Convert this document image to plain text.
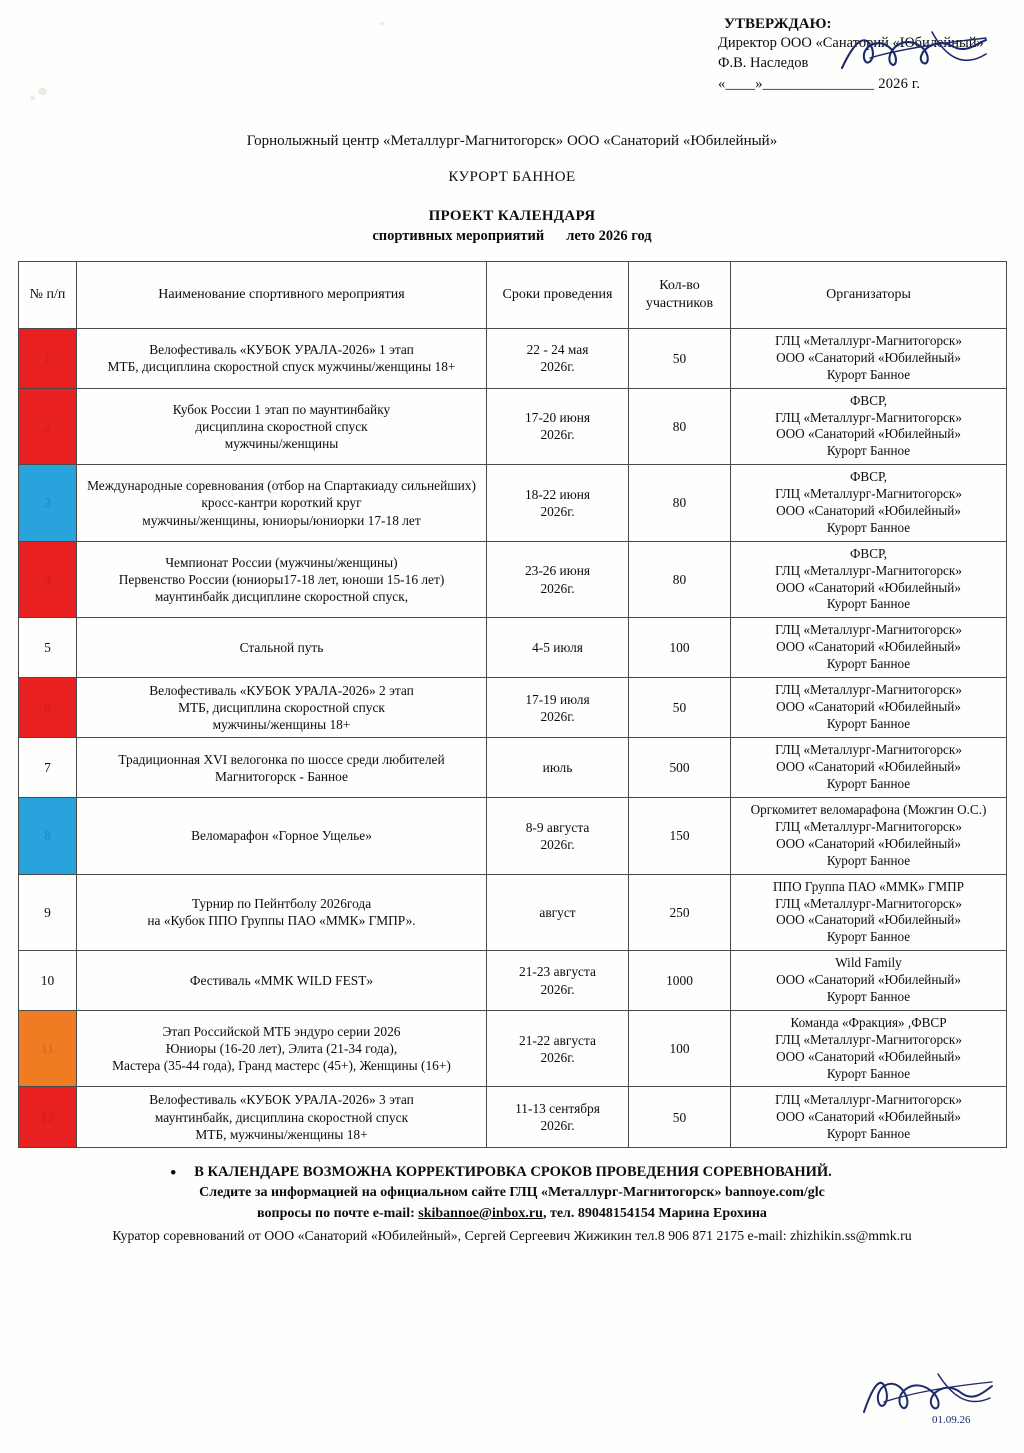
УТВЕРЖДАЮ:
Директор ООО «Санаторий «Юбилейный»
Ф.В. Наследов
«____»_______________ 2026 г.
Горнолыжный центр «Металлург-Магнитогорск» ООО «Санаторий «Юбилейный»
КУРОРТ БАННОЕ
ПРОЕКТ КАЛЕНДАРЯ
спортивных мероприятий лето 2026 год
№ п/п	Наименование спортивного мероприятия	Сроки проведения	Кол-во участников	Организаторы
1	Велофестиваль «КУБОК УРАЛА-2026» 1 этап
МТБ, дисциплина скоростной спуск мужчины/женщины 18+	22 - 24 мая
2026г.	50	ГЛЦ «Металлург-Магнитогорск»
ООО «Санаторий «Юбилейный»
Курорт Банное
2	Кубок России 1 этап по маунтинбайку
дисциплина скоростной спуск
мужчины/женщины	17-20 июня
2026г.	80	ФВСР,
ГЛЦ «Металлург-Магнитогорск»
ООО «Санаторий «Юбилейный»
Курорт Банное
3	Международные соревнования (отбор на Спартакиаду сильнейших) кросс-кантри короткий круг
мужчины/женщины, юниоры/юниорки 17-18 лет	18-22 июня
2026г.	80	ФВСР,
ГЛЦ «Металлург-Магнитогорск»
ООО «Санаторий «Юбилейный»
Курорт Банное
4	Чемпионат России (мужчины/женщины)
Первенство России (юниоры17-18 лет, юноши 15-16 лет)
маунтинбайк дисциплине скоростной спуск,	23-26 июня
2026г.	80	ФВСР,
ГЛЦ «Металлург-Магнитогорск»
ООО «Санаторий «Юбилейный»
Курорт Банное
5	Стальной путь	4-5 июля	100	ГЛЦ «Металлург-Магнитогорск»
ООО «Санаторий «Юбилейный»
Курорт Банное
6	Велофестиваль «КУБОК УРАЛА-2026» 2 этап
МТБ, дисциплина скоростной спуск
мужчины/женщины 18+	17-19 июля
2026г.	50	ГЛЦ «Металлург-Магнитогорск»
ООО «Санаторий «Юбилейный»
Курорт Банное
7	Традиционная XVI велогонка по шоссе среди любителей
Магнитогорск - Банное	июль	500	ГЛЦ «Металлург-Магнитогорск»
ООО «Санаторий «Юбилейный»
Курорт Банное
8	Веломарафон «Горное Ущелье»	8-9 августа
2026г.	150	Оргкомитет веломарафона (Можгин О.С.)
ГЛЦ «Металлург-Магнитогорск»
ООО «Санаторий «Юбилейный»
Курорт Банное
9	Турнир по Пейнтболу 2026года
на «Кубок ППО Группы ПАО «ММК» ГМПР».	август	250	ППО Группа ПАО «ММК» ГМПР
ГЛЦ «Металлург-Магнитогорск»
ООО «Санаторий «Юбилейный»
Курорт Банное
10	Фестиваль «ММК WILD FEST»	21-23 августа
2026г.	1000	Wild Family
ООО «Санаторий «Юбилейный»
Курорт Банное
11	Этап Российской МТБ эндуро серии 2026
Юниоры (16-20 лет), Элита (21-34 года),
Мастера (35-44 года), Гранд мастерс (45+), Женщины (16+)	21-22 августа
2026г.	100	Команда «Фракция» ,ФВСР
ГЛЦ «Металлург-Магнитогорск»
ООО «Санаторий «Юбилейный»
Курорт Банное
12	Велофестиваль «КУБОК УРАЛА-2026» 3 этап
маунтинбайк, дисциплина скоростной спуск
МТБ, мужчины/женщины 18+	11-13 сентября
2026г.	50	ГЛЦ «Металлург-Магнитогорск»
ООО «Санаторий «Юбилейный»
Курорт Банное
• В КАЛЕНДАРЕ ВОЗМОЖНА КОРРЕКТИРОВКА СРОКОВ ПРОВЕДЕНИЯ СОРЕВНОВАНИЙ.
Следите за информацией на официальном сайте ГЛЦ «Металлург-Магнитогорск» bannoye.com/glc
вопросы по почте e-mail: skibannoe@inbox.ru, тел. 89048154154 Марина Ерохина
Куратор соревнований от ООО «Санаторий «Юбилейный», Сергей Сергеевич Жижикин тел.8 906 871 2175 e-mail: zhizhikin.ss@mmk.ru
01.09.26
